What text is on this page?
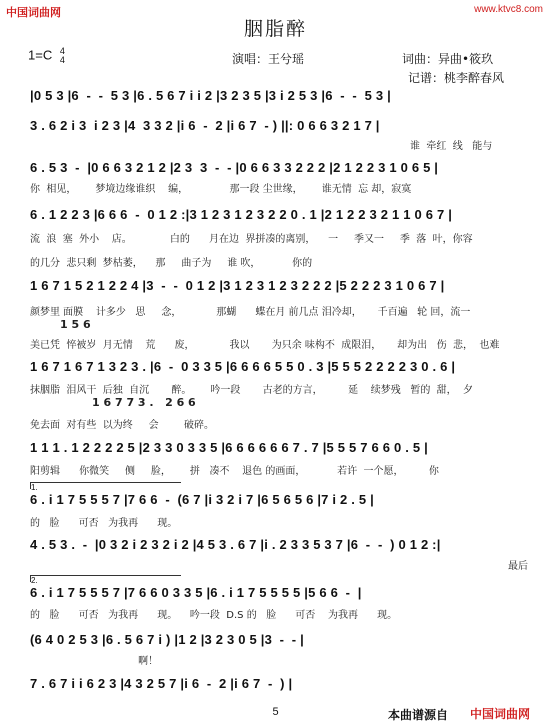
中国词曲网	www.ktvc8.com
胭脂醉
1=C 4
4	演唱：王兮瑶	词曲：异曲•筱玖
记谱：桃李醉春风
|0 5 3 |6  -  -  5 3 |6 . 5 6 7 i i 2 |3 2 3 5 |3 i 2 5 3 |6  -  -  5 3 |
3 . 6 2 i 3  i 2 3 |4  3 3 2 |i 6  -  2 |i 6 7  - ) ||: 0 6 6 3 2 1 7 |
谁  牵红  线   能与
6 . 5 3  -  |0 6 6 3 2 1 2 |2 3  3  -  - |0 6 6 3 3 2 2 2 |2 1 2 2 3 1 0 6 5 |
你  相见，      梦境边缘谁织    编，             那一段 尘世缘，      谁无情  忘 却，寂寞
6 . 1 2 2 3 |6 6 6  -  0 1 2 :|3 1 2 3 1 2 3 2 2 0 . 1 |2 1 2 2 3 2 1 1 0 6 7 |
流  浪  塞  外小    店。            白的      月在边  界拼凑的离别，    一     季又一     季  落  叶，你容
的几分  悲只剩  梦枯萎，    那     曲子为     谁 吹，          你的
1 6 7 1 5 2 1 2 2 4 |3  -  -  0 1 2 |3 1 2 3 1 2 3 2 2 2 |5 2 2 2 3 1 0 6 7 |
颜梦里 面膜    计多少   思     念，           那蝴      蝶在月 前几点 泪冷却，     千百遍   轮 回，流一
1 5 6
美已凭  悴被岁  月无情    荒      废，           我以       为只余 味构不  成限泪，     却为出   伤  悲，  也难
1 6 7 1 6 7 1 3 2 3 . |6  -  0 3 3 5 |6 6 6 6 5 5 0 . 3 |5 5 5 2 2 2 2 3 0 . 6 |
抹胭脂  泪风干  后独  自沉       醉。      吟一段       古老的方言，        延    续梦残   暂的  甜，  夕
1 6 7 7 3 .   2 6 6
免去面  对有些  以为终     会        破碎。
1 1 1 . 1 2 2 2 2 5 |2 3 3 0 3 3 5 |6 6 6 6 6 6 7 . 7 |5 5 5 7 6 6 0 . 5 |
阳剪辑      你微笑     侧     脸，      拼   凑不    退色 的画面，          若许  一个愿，        你
1.
6 . i 1 7 5 5 5 7 |7 6 6  -  (6 7 |i 3 2 i 7 |6 5 6 5 6 |7 i 2 . 5 |
的   脸      可否   为我再      现。
4 . 5 3 .  -  |0 3 2 i 2 3 2 i 2 |4 5 3 . 6 7 |i . 2 3 3 5 3 7 |6  -  -  ) 0 1 2 :|
最后
2.
6 . i 1 7 5 5 5 7 |7 6 6 0 3 3 5 |6 . i 1 7 5 5 5 5 |5 6 6  -  |
的   脸      可否   为我再      现。    吟一段  D.S 的   脸      可否    为我再      现。
(6 4 0 2 5 3 |6 . 5 6 7 i ) |1 2 |3 2 3 0 5 |3  -  - |
啊！
7 . 6 7 i i 6 2 3 |4 3 2 5 7 |i 6  -  2 |i 6 7  -  ) |
5	本曲谱源自 中国词曲网
